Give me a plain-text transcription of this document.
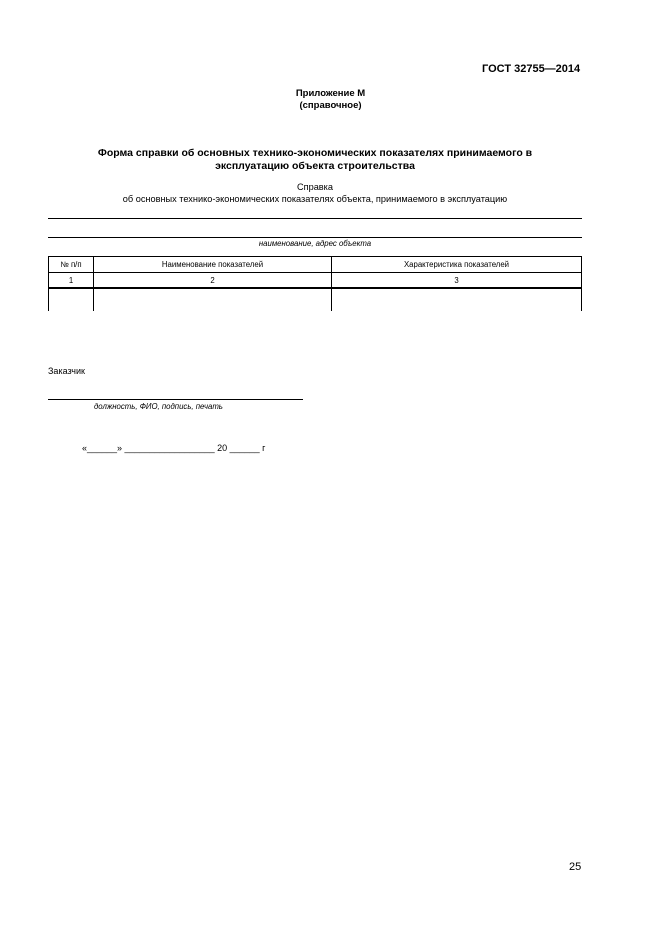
ГОСТ 32755—2014
Приложение М
(справочное)
Форма справки об основных технико-экономических показателях принимаемого в
эксплуатацию объекта строительства
Справка
об основных технико-экономических показателях объекта, принимаемого в эксплуатацию
наименование, адрес объекта
№ п/п	Наименование показателей	Характеристика показателей
1	2	3

Заказчик
должность, ФИО, подпись, печать
«______» __________________ 20 ______ г
25
